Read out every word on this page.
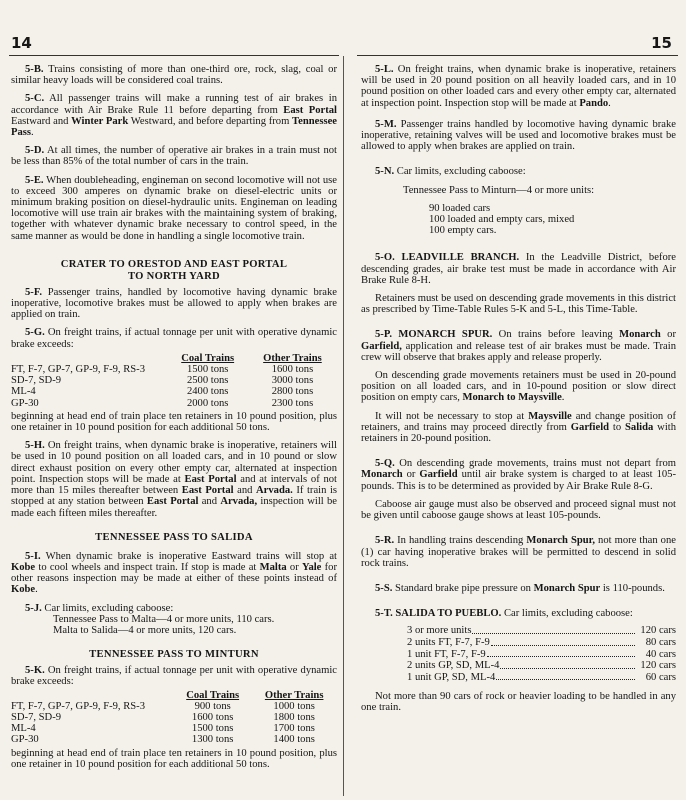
14

5-B. Trains consisting of more than one-third ore, rock, slag, coal or similar heavy loads will be considered coal trains.

5-C. All passenger trains will make a running test of air brakes in accordance with Air Brake Rule 11 before departing from East Portal Eastward and Winter Park Westward, and before departing from Tennessee Pass.

5-D. At all times, the number of operative air brakes in a train must not be less than 85% of the total number of cars in the train.

5-E. When doubleheading, engineman on second locomotive will not use to exceed 300 amperes on dynamic brake on diesel-electric units or minimum braking position on diesel-hydraulic units. Engineman on leading locomotive will use train air brakes with the maintaining system of braking, together with whatever dynamic brake necessary to control speed, in the same manner as would be done in handling a single locomotive train.

CRATER TO ORESTOD AND EAST PORTAL
TO NORTH YARD

5-F. Passenger trains, handled by locomotive having dynamic brake inoperative, locomotive brakes must be allowed to apply when brakes are applied on train.

5-G. On freight trains, if actual tonnage per unit with operative dynamic brake exceeds:

	Coal Trains	Other Trains
FT, F-7, GP-7, GP-9, F-9, RS-3	1500 tons	1600 tons
SD-7, SD-9	2500 tons	3000 tons
ML-4	2400 tons	2800 tons
GP-30	2000 tons	2300 tons

beginning at head end of train place ten retainers in 10 pound position, plus one retainer in 10 pound position for each additional 50 tons.

5-H. On freight trains, when dynamic brake is inoperative, retainers will be used in 10 pound position on all loaded cars, and in 10 pound or slow direct exhaust position on every other empty car, alternated at inspection point. Inspection stops will be made at East Portal and at intervals of not more than 15 miles thereafter between East Portal and Arvada. If train is stopped at any station between East Portal and Arvada, inspection will be made each fifteen miles thereafter.

TENNESSEE PASS TO SALIDA

5-I. When dynamic brake is inoperative Eastward trains will stop at Kobe to cool wheels and inspect train. If stop is made at Malta or Yale for other reasons inspection may be made at either of these points instead of Kobe.

5-J. Car limits, excluding caboose:

Tennessee Pass to Malta—4 or more units, 110 cars.

Malta to Salida—4 or more units, 120 cars.

TENNESSEE PASS TO MINTURN

5-K. On freight trains, if actual tonnage per unit with operative dynamic brake exceeds:

	Coal Trains	Other Trains
FT, F-7, GP-7, GP-9, F-9, RS-3	900 tons	1000 tons
SD-7, SD-9	1600 tons	1800 tons
ML-4	1500 tons	1700 tons
GP-30	1300 tons	1400 tons

beginning at head end of train place ten retainers in 10 pound position, plus one retainer in 10 pound position for each additional 50 tons.

15

5-L. On freight trains, when dynamic brake is inoperative, retainers will be used in 20 pound position on all heavily loaded cars, and in 10 pound position on other loaded cars and every other empty car, alternated at inspection point. Inspection stop will be made at Pando.

5-M. Passenger trains handled by locomotive having dynamic brake inoperative, retaining valves will be used and locomotive brakes must be allowed to apply when brakes are applied on train.

5-N. Car limits, excluding caboose:

Tennessee Pass to Minturn—4 or more units:

90 loaded cars

100 loaded and empty cars, mixed

100 empty cars.

5-O. LEADVILLE BRANCH. In the Leadville District, before descending grades, air brake test must be made in accordance with Air Brake Rule 8-H.

Retainers must be used on descending grade movements in this district as prescribed by Time-Table Rules 5-K and 5-L, this Time-Table.

5-P. MONARCH SPUR. On trains before leaving Monarch or Garfield, application and release test of air brakes must be made. Train crew will observe that brakes apply and release properly.

On descending grade movements retainers must be used in 20-pound position on all loaded cars, and in 10-pound position or slow direct position on empty cars, Monarch to Maysville.

It will not be necessary to stop at Maysville and change position of retainers, and trains may proceed directly from Garfield to Salida with retainers in 20-pound position.

5-Q. On descending grade movements, trains must not depart from Monarch or Garfield until air brake system is charged to at least 105-pounds. This is to be determined as provided by Air Brake Rule 8-G.

Caboose air gauge must also be observed and proceed signal must not be given until caboose gauge shows at least 105-pounds.

5-R. In handling trains descending Monarch Spur, not more than one (1) car having inoperative brakes will be permitted to descend in solid rock trains.

5-S. Standard brake pipe pressure on Monarch Spur is 110-pounds.

5-T. SALIDA TO PUEBLO. Car limits, excluding caboose:

3 or more units	120 cars
2 units FT, F-7, F-9	80 cars
1 unit FT, F-7, F-9	40 cars
2 units GP, SD, ML-4	120 cars
1 unit GP, SD, ML-4	60 cars

Not more than 90 cars of rock or heavier loading to be handled in any one train.
